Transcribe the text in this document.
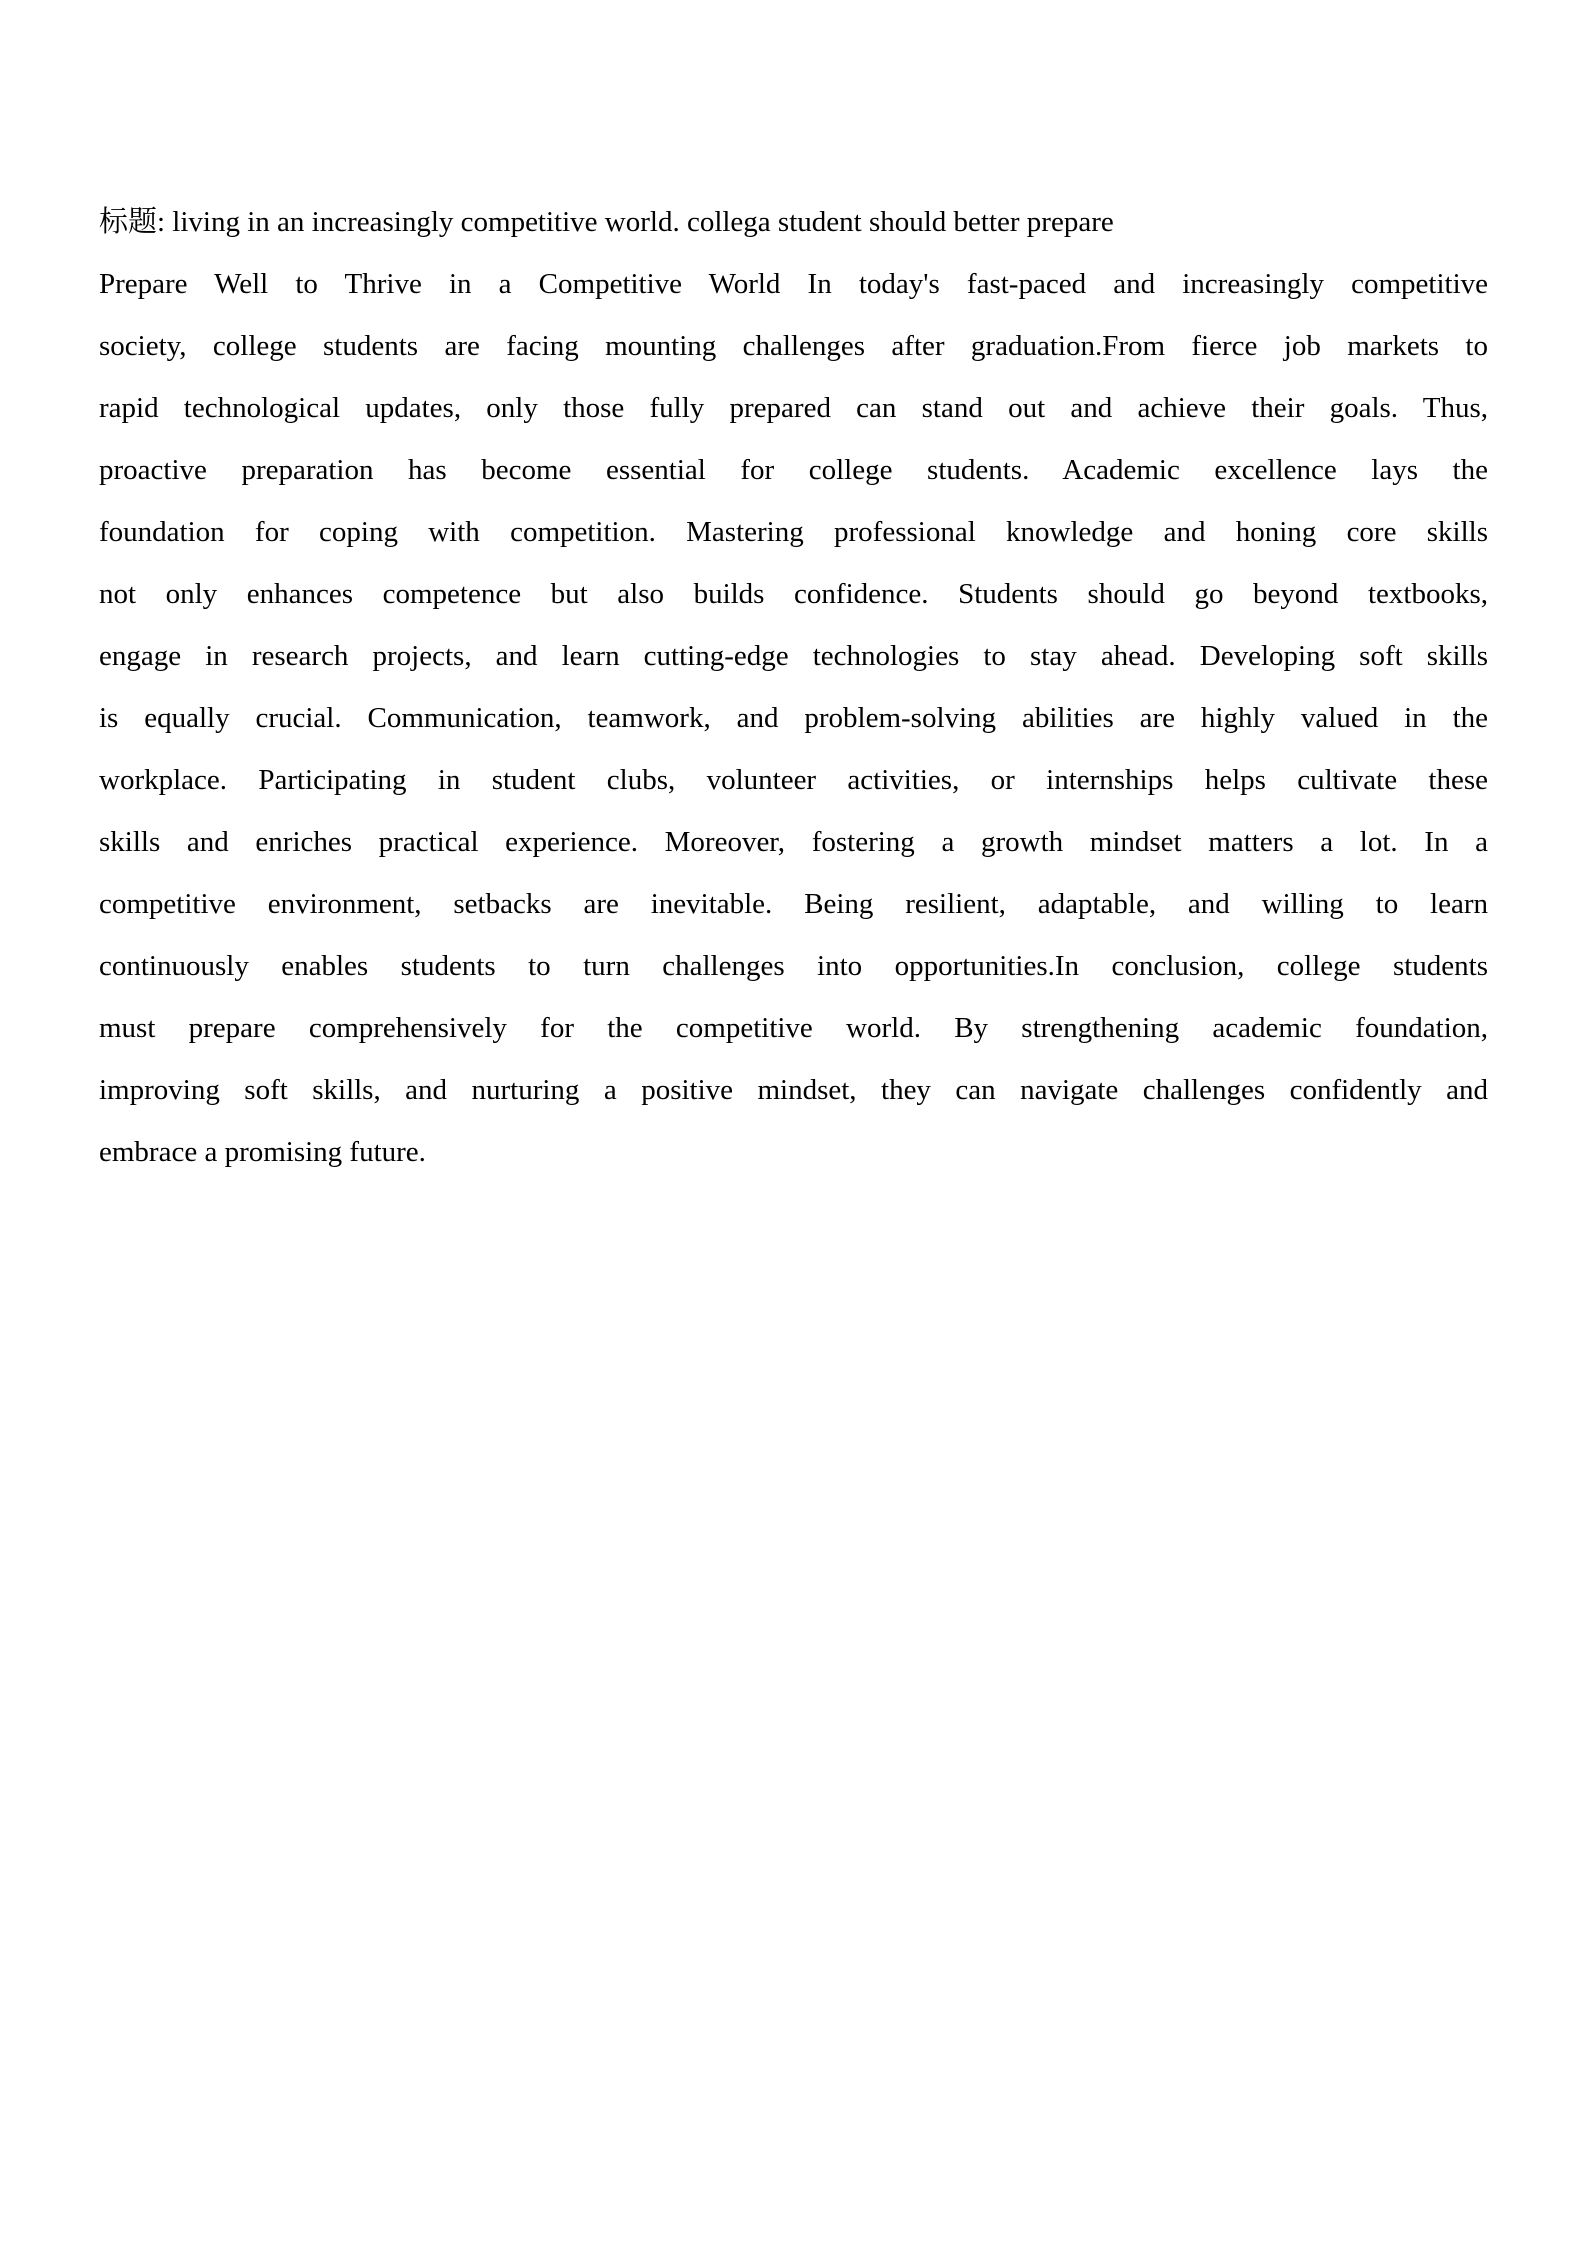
标题: living in an increasingly competitive world. collega student should better prepare
Prepare Well to Thrive in a Competitive World In today's fast-paced and increasingly competitive
society, college students are facing mounting challenges after graduation.From fierce job markets to
rapid technological updates, only those fully prepared can stand out and achieve their goals. Thus,
proactive preparation has become essential for college students. Academic excellence lays the
foundation for coping with competition. Mastering professional knowledge and honing core skills
not only enhances competence but also builds confidence. Students should go beyond textbooks,
engage in research projects, and learn cutting-edge technologies to stay ahead. Developing soft skills
is equally crucial. Communication, teamwork, and problem-solving abilities are highly valued in the
workplace. Participating in student clubs, volunteer activities, or internships helps cultivate these
skills and enriches practical experience. Moreover, fostering a growth mindset matters a lot. In a
competitive environment, setbacks are inevitable. Being resilient, adaptable, and willing to learn
continuously enables students to turn challenges into opportunities.In conclusion, college students
must prepare comprehensively for the competitive world. By strengthening academic foundation,
improving soft skills, and nurturing a positive mindset, they can navigate challenges confidently and
embrace a promising future.
